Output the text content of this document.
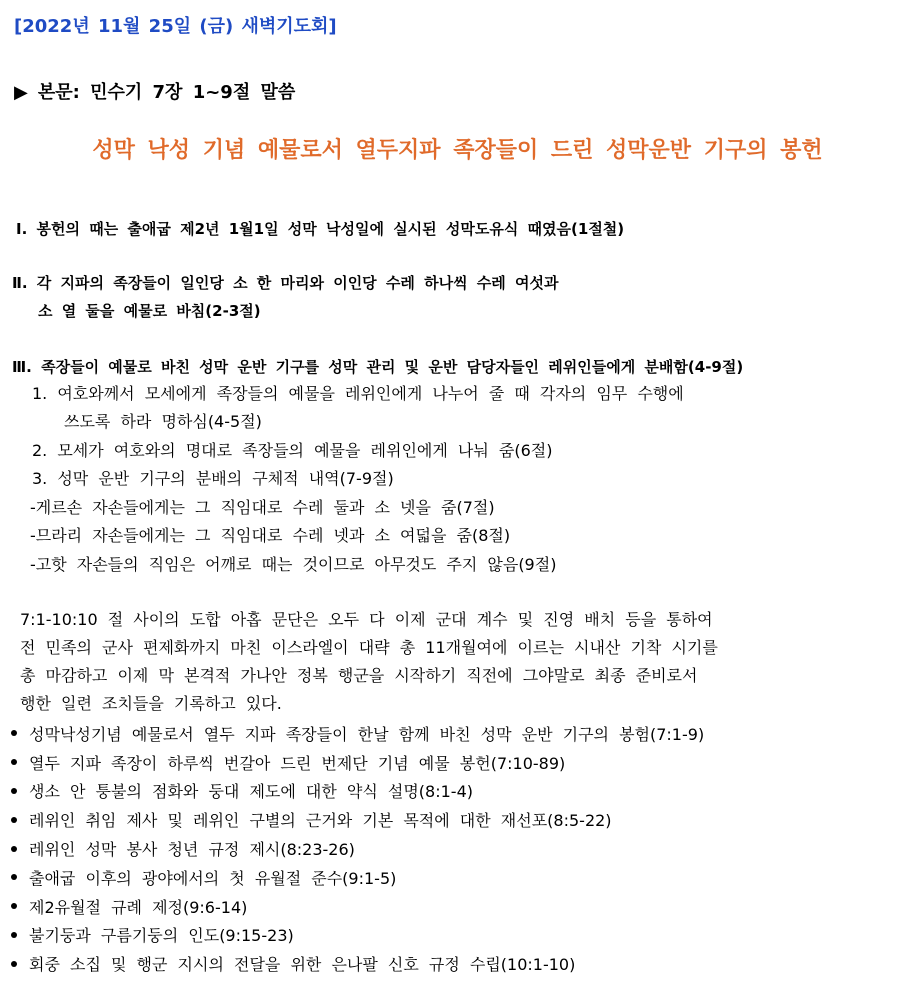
[2022년 11월 25일 (금) 새벽기도회]
▶ 본문: 민수기 7장 1~9절 말씀
성막 낙성 기념 예물로서 열두지파 족장들이 드린 성막운반 기구의 봉헌
Ⅰ. 봉헌의 때는 출애굽 제2년 1월1일 성막 낙성일에 실시된 성막도유식 때였음(1절철)
Ⅱ. 각 지파의 족장들이 일인당 소 한 마리와 이인당 수레 하나씩 수레 여섯과
소 열 둘을 예물로 바침(2-3절)
Ⅲ. 족장들이 예물로 바친 성막 운반 기구를 성막 관리 및 운반 담당자들인 레위인들에게 분배함(4-9절)
1. 여호와께서 모세에게 족장들의 예물을 레위인에게 나누어 줄 때 각자의 임무 수행에
쓰도록 하라 명하심(4-5절)
2. 모세가 여호와의 명대로 족장들의 예물을 레위인에게 나눠 줌(6절)
3. 성막 운반 기구의 분배의 구체적 내역(7-9절)
-게르손 자손들에게는 그 직임대로 수레 둘과 소 넷을 줌(7절)
-므라리 자손들에게는 그 직임대로 수레 넷과 소 여덟을 줌(8절)
-고핫 자손들의 직임은 어깨로 때는 것이므로 아무것도 주지 않음(9절)
7:1-10:10 절 사이의 도합 아홉 문단은 오두 다 이제 군대 계수 및 진영 배치 등을 통하여
전 민족의 군사 편제화까지 마친 이스라엘이 대략 총 11개월여에 이르는 시내산 기착 시기를
총 마감하고 이제 막 본격적 가나안 정복 행군을 시작하기 직전에 그야말로 최종 준비로서
행한 일련 조치들을 기록하고 있다.
성막낙성기념 예물로서 열두 지파 족장들이 한날 함께 바친 성막 운반 기구의 봉험(7:1-9)
열두 지파 족장이 하루씩 번갈아 드린 번제단 기념 예물 봉헌(7:10-89)
생소 안 퉁불의 점화와 둥대 제도에 대한 약식 설명(8:1-4)
레위인 취임 제사 및 레위인 구별의 근거와 기본 목적에 대한 재선포(8:5-22)
레위인 성막 봉사 청년 규정 제시(8:23-26)
출애굽 이후의 광야에서의 첫 유월절 준수(9:1-5)
제2유월절 규례 제정(9:6-14)
불기둥과 구름기둥의 인도(9:15-23)
회중 소집 및 행군 지시의 전달을 위한 은나팔 신호 규정 수립(10:1-10)
